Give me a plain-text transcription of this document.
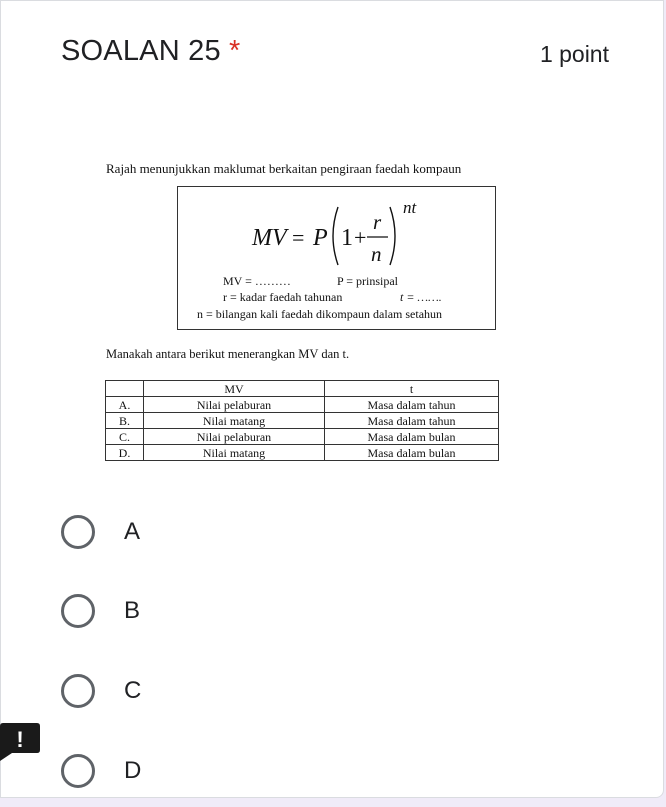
SOALAN 25 *	1 point
Rajah menunjukkan maklumat berkaitan pengiraan faedah kompaun
MV = P 1 +
r
n
nt
MV = ………	P = prinsipal
r = kadar faedah tahunan	t = …….
n = bilangan kali faedah dikompaun dalam setahun
Manakah antara berikut menerangkan MV dan t.
	MV	t
A.	Nilai pelaburan	Masa dalam tahun
B.	Nilai matang	Masa dalam tahun
C.	Nilai pelaburan	Masa dalam bulan
D.	Nilai matang	Masa dalam bulan
A
B
C
D
!
